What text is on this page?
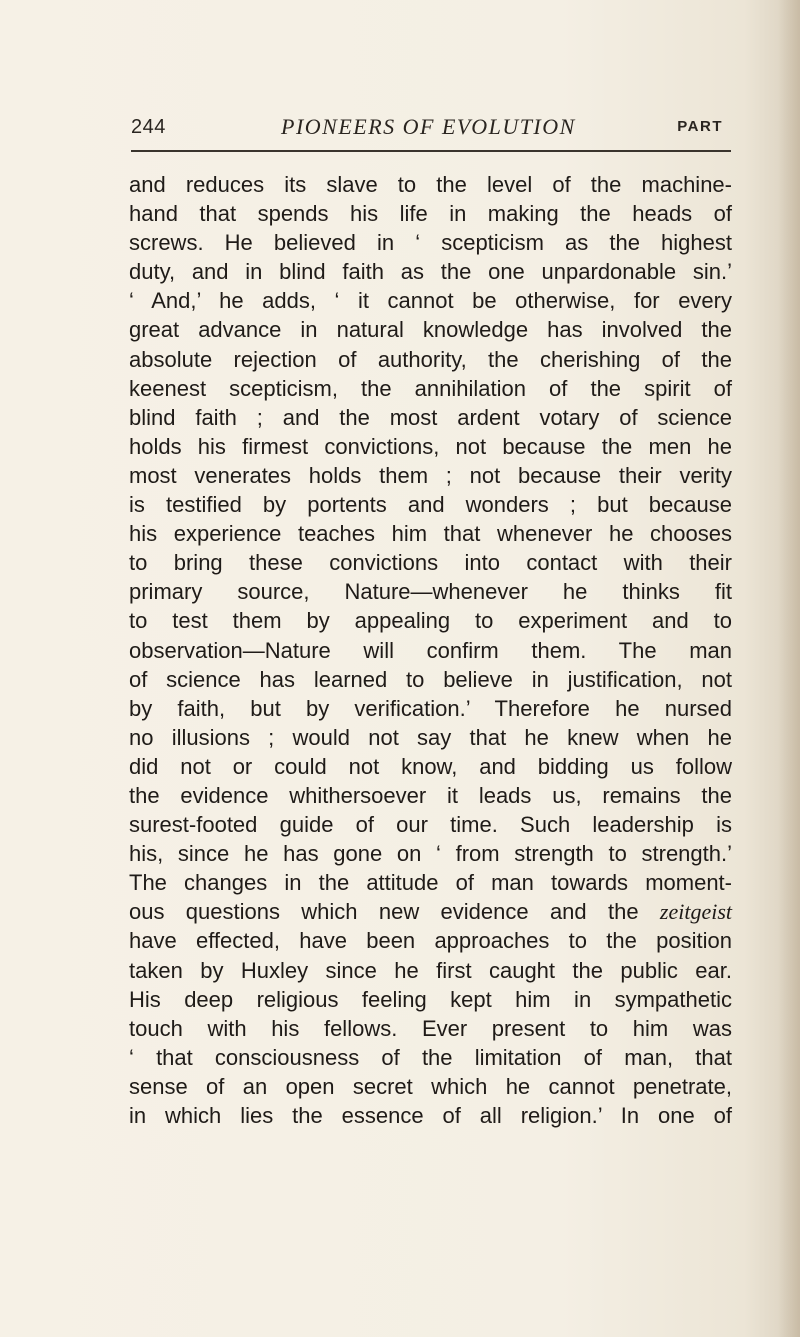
244	PIONEERS OF EVOLUTION	PART
and reduces its slave to the level of the machine-
hand that spends his life in making the heads of
screws. He believed in ‘ scepticism as the highest
duty, and in blind faith as the one unpardonable sin.’
‘ And,’ he adds, ‘ it cannot be otherwise, for every
great advance in natural knowledge has involved the
absolute rejection of authority, the cherishing of the
keenest scepticism, the annihilation of the spirit of
blind faith ; and the most ardent votary of science
holds his firmest convictions, not because the men he
most venerates holds them ; not because their verity
is testified by portents and wonders ; but because
his experience teaches him that whenever he chooses
to bring these convictions into contact with their
primary source, Nature—whenever he thinks fit
to test them by appealing to experiment and to
observation—Nature will confirm them. The man
of science has learned to believe in justification, not
by faith, but by verification.’ Therefore he nursed
no illusions ; would not say that he knew when he
did not or could not know, and bidding us follow
the evidence whithersoever it leads us, remains the
surest-footed guide of our time. Such leadership is
his, since he has gone on ‘ from strength to strength.’
The changes in the attitude of man towards moment-
ous questions which new evidence and the zeitgeist
have effected, have been approaches to the position
taken by Huxley since he first caught the public ear.
His deep religious feeling kept him in sympathetic
touch with his fellows. Ever present to him was
‘ that consciousness of the limitation of man, that
sense of an open secret which he cannot penetrate,
in which lies the essence of all religion.’ In one of
